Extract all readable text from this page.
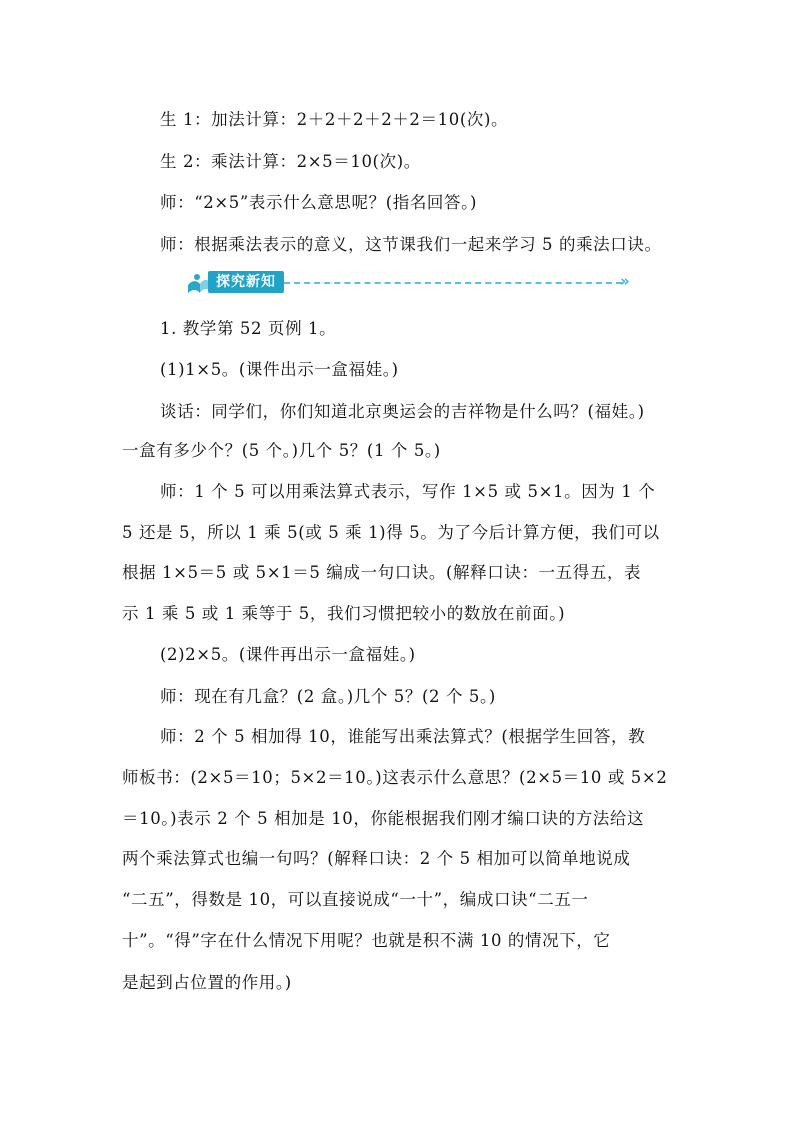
生 1：加法计算：2＋2＋2＋2＋2＝10(次)。
生 2：乘法计算：2×5＝10(次)。
师：“2×5”表示什么意思呢？(指名回答。)
师：根据乘法表示的意义，这节课我们一起来学习 5 的乘法口诀。
探究新知	»
1. 教学第 52 页例 1。
(1)1×5。(课件出示一盒福娃。)
谈话：同学们，你们知道北京奥运会的吉祥物是什么吗？(福娃。)
一盒有多少个？(5 个。)几个 5？(1 个 5。)
师：1 个 5 可以用乘法算式表示，写作 1×5 或 5×1。因为 1 个
5 还是 5，所以 1 乘 5(或 5 乘 1)得 5。为了今后计算方便，我们可以
根据 1×5＝5 或 5×1＝5 编成一句口诀。(解释口诀：一五得五，表
示 1 乘 5 或 1 乘等于 5，我们习惯把较小的数放在前面。)
(2)2×5。(课件再出示一盒福娃。)
师：现在有几盒？(2 盒。)几个 5？(2 个 5。)
师：2 个 5 相加得 10，谁能写出乘法算式？(根据学生回答，教
师板书：(2×5＝10；5×2＝10。)这表示什么意思？(2×5＝10 或 5×2
＝10。)表示 2 个 5 相加是 10，你能根据我们刚才编口诀的方法给这
两个乘法算式也编一句吗？(解释口诀：2 个 5 相加可以简单地说成
“二五”，得数是 10，可以直接说成“一十”，编成口诀“二五一
十”。“得”字在什么情况下用呢？也就是积不满 10 的情况下，它
是起到占位置的作用。)
